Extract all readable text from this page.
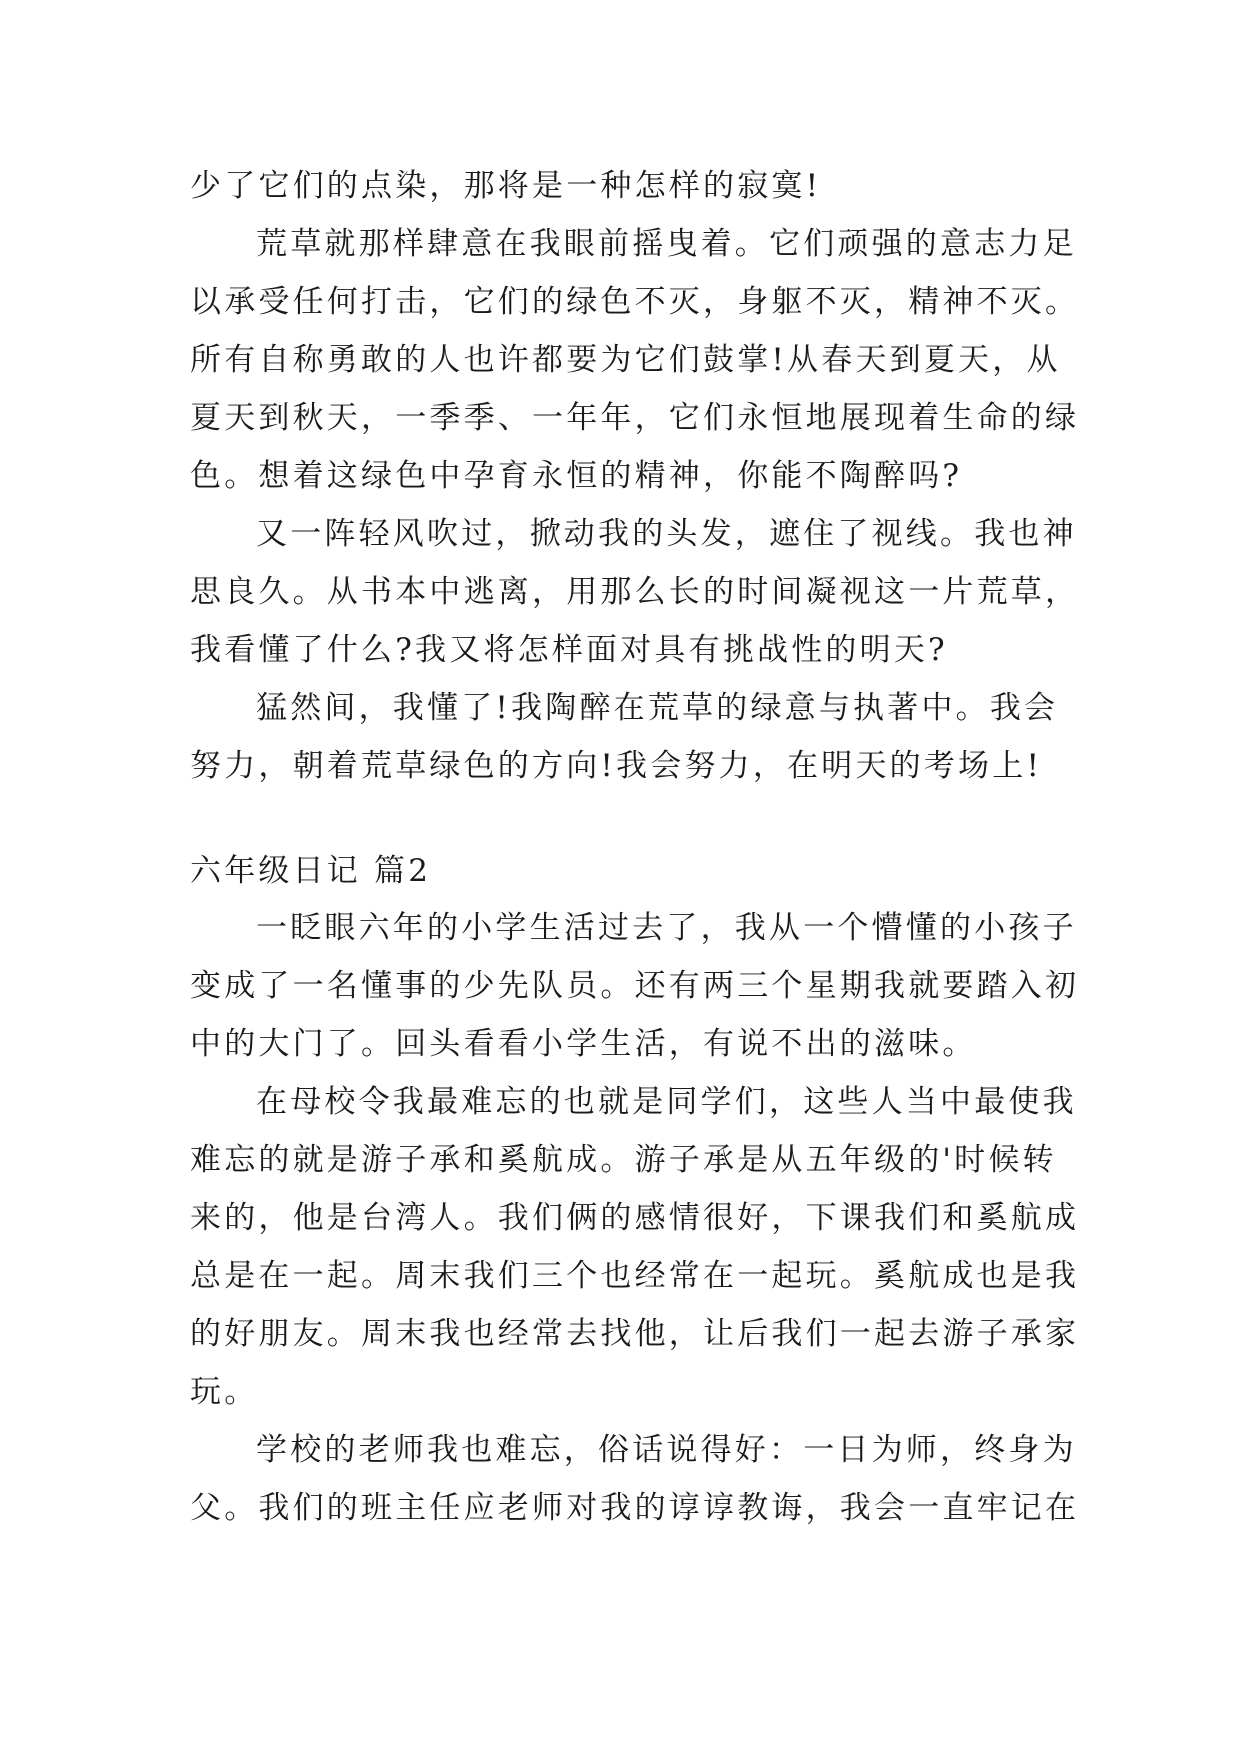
少了它们的点染，那将是一种怎样的寂寞!
荒草就那样肆意在我眼前摇曳着。它们顽强的意志力足
以承受任何打击，它们的绿色不灭，身躯不灭，精神不灭。
所有自称勇敢的人也许都要为它们鼓掌!从春天到夏天，从
夏天到秋天，一季季、一年年，它们永恒地展现着生命的绿
色。想着这绿色中孕育永恒的精神，你能不陶醉吗?
又一阵轻风吹过，掀动我的头发，遮住了视线。我也神
思良久。从书本中逃离，用那么长的时间凝视这一片荒草，
我看懂了什么?我又将怎样面对具有挑战性的明天?
猛然间，我懂了!我陶醉在荒草的绿意与执著中。我会
努力，朝着荒草绿色的方向!我会努力，在明天的考场上!
六年级日记 篇2
一眨眼六年的小学生活过去了，我从一个懵懂的小孩子
变成了一名懂事的少先队员。还有两三个星期我就要踏入初
中的大门了。回头看看小学生活，有说不出的滋味。
在母校令我最难忘的也就是同学们，这些人当中最使我
难忘的就是游子承和奚航成。游子承是从五年级的'时候转
来的，他是台湾人。我们俩的感情很好，下课我们和奚航成
总是在一起。周末我们三个也经常在一起玩。奚航成也是我
的好朋友。周末我也经常去找他，让后我们一起去游子承家
玩。
学校的老师我也难忘，俗话说得好：一日为师，终身为
父。我们的班主任应老师对我的谆谆教诲，我会一直牢记在
